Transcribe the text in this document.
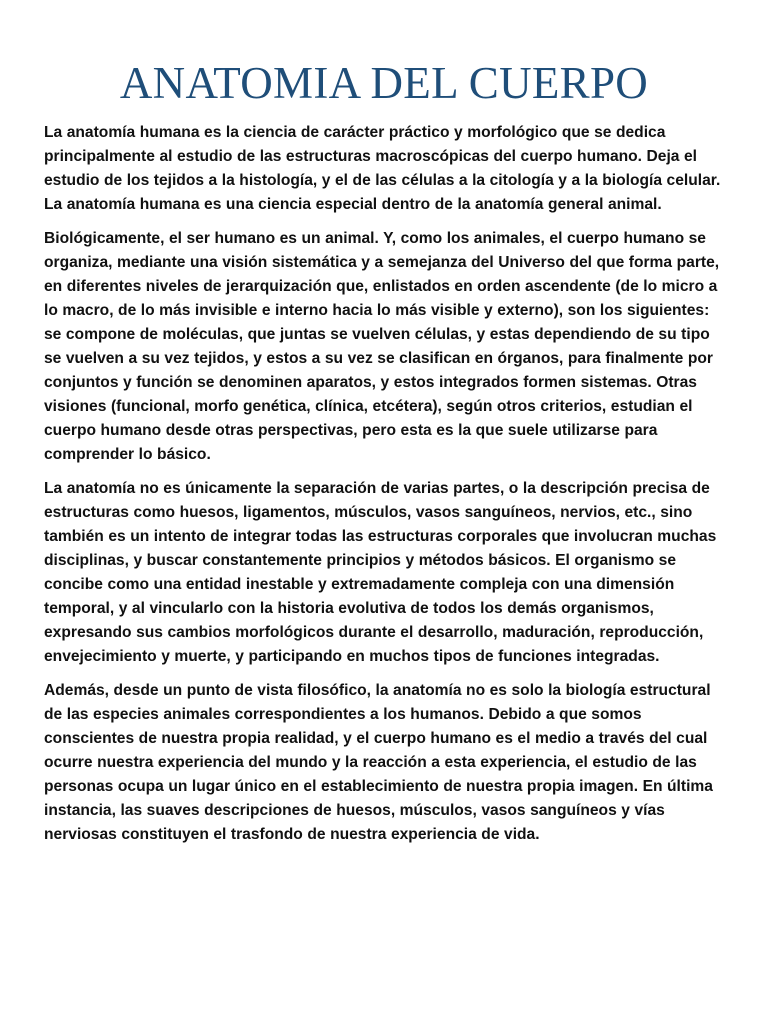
ANATOMIA DEL CUERPO

La anatomía humana es la ciencia de carácter práctico y morfológico que se dedica principalmente al estudio de las estructuras macroscópicas del cuerpo humano. Deja el estudio de los tejidos a la histología, y el de las células a la citología y a la biología celular. La anatomía humana es una ciencia especial dentro de la anatomía general animal.

Biológicamente, el ser humano es un animal. Y, como los animales, el cuerpo humano se organiza, mediante una visión sistemática y a semejanza del Universo del que forma parte, en diferentes niveles de jerarquización que, enlistados en orden ascendente (de lo micro a lo macro, de lo más invisible e interno hacia lo más visible y externo), son los siguientes: se compone de moléculas, que juntas se vuelven células, y estas dependiendo de su tipo se vuelven a su vez tejidos, y estos a su vez se clasifican en órganos, para finalmente por conjuntos y función se denominen aparatos, y estos integrados formen sistemas. Otras visiones (funcional, morfo genética, clínica, etcétera), según otros criterios, estudian el cuerpo humano desde otras perspectivas, pero esta es la que suele utilizarse para comprender lo básico.

La anatomía no es únicamente la separación de varias partes, o la descripción precisa de estructuras como huesos, ligamentos, músculos, vasos sanguíneos, nervios, etc., sino también es un intento de integrar todas las estructuras corporales que involucran muchas disciplinas, y buscar constantemente principios y métodos básicos. El organismo se concibe como una entidad inestable y extremadamente compleja con una dimensión temporal, y al vincularlo con la historia evolutiva de todos los demás organismos, expresando sus cambios morfológicos durante el desarrollo, maduración, reproducción, envejecimiento y muerte, y participando en muchos tipos de funciones integradas.

Además, desde un punto de vista filosófico, la anatomía no es solo la biología estructural de las especies animales correspondientes a los humanos. Debido a que somos conscientes de nuestra propia realidad, y el cuerpo humano es el medio a través del cual ocurre nuestra experiencia del mundo y la reacción a esta experiencia, el estudio de las personas ocupa un lugar único en el establecimiento de nuestra propia imagen. En última instancia, las suaves descripciones de huesos, músculos, vasos sanguíneos y vías nerviosas constituyen el trasfondo de nuestra experiencia de vida.
